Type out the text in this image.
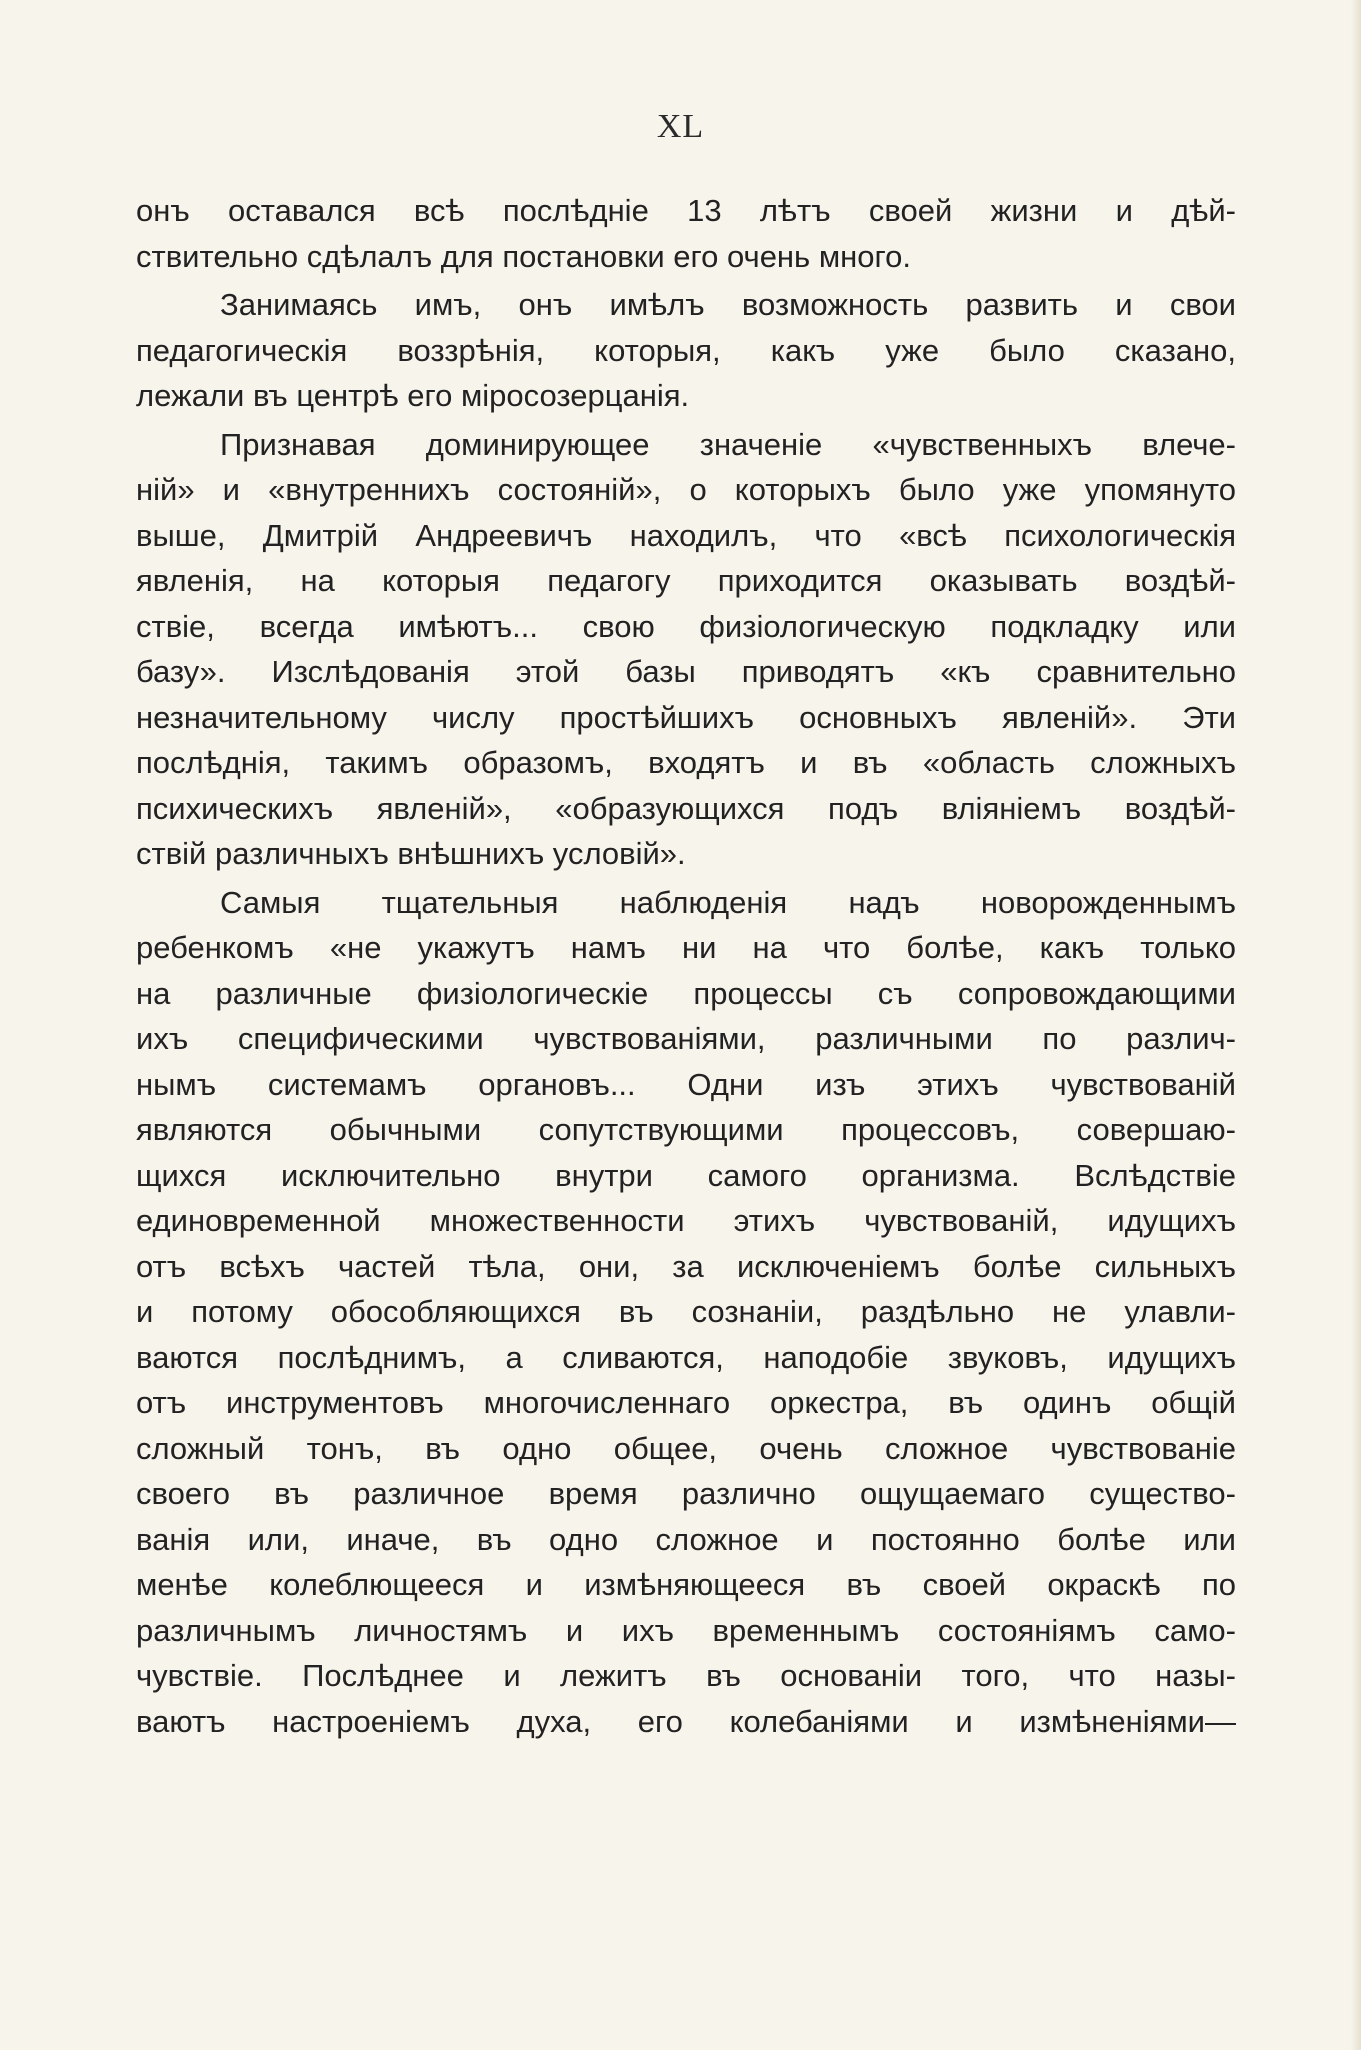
XL
онъ оставался всѣ послѣдніе 13 лѣтъ своей жизни и дѣй-
ствительно сдѣлалъ для постановки его очень много.
Занимаясь имъ, онъ имѣлъ возможность развить и свои
педагогическія воззрѣнія, которыя, какъ уже было сказано,
лежали въ центрѣ его міросозерцанія.
Признавая доминирующее значеніе «чувственныхъ влече-
ній» и «внутреннихъ состояній», о которыхъ было уже упомянуто
выше, Дмитрій Андреевичъ находилъ, что «всѣ психологическія
явленія, на которыя педагогу приходится оказывать воздѣй-
ствіе, всегда имѣютъ... свою физіологическую подкладку или
базу». Изслѣдованія этой базы приводятъ «къ сравнительно
незначительному числу простѣйшихъ основныхъ явленій». Эти
послѣднія, такимъ образомъ, входятъ и въ «область сложныхъ
психическихъ явленій», «образующихся подъ вліяніемъ воздѣй-
ствій различныхъ внѣшнихъ условій».
Самыя тщательныя наблюденія надъ новорожденнымъ
ребенкомъ «не укажутъ намъ ни на что болѣе, какъ только
на различные физіологическіе процессы съ сопровождающими
ихъ специфическими чувствованіями, различными по различ-
нымъ системамъ органовъ... Одни изъ этихъ чувствованій
являются обычными сопутствующими процессовъ, совершаю-
щихся исключительно внутри самого организма. Вслѣдствіе
единовременной множественности этихъ чувствованій, идущихъ
отъ всѣхъ частей тѣла, они, за исключеніемъ болѣе сильныхъ
и потому обособляющихся въ сознаніи, раздѣльно не улавли-
ваются послѣднимъ, а сливаются, наподобіе звуковъ, идущихъ
отъ инструментовъ многочисленнаго оркестра, въ одинъ общій
сложный тонъ, въ одно общее, очень сложное чувствованіе
своего въ различное время различно ощущаемаго существо-
ванія или, иначе, въ одно сложное и постоянно болѣе или
менѣе колеблющееся и измѣняющееся въ своей окраскѣ по
различнымъ личностямъ и ихъ временнымъ состояніямъ само-
чувствіе. Послѣднее и лежитъ въ основаніи того, что назы-
ваютъ настроеніемъ духа, его колебаніями и измѣненіями—
